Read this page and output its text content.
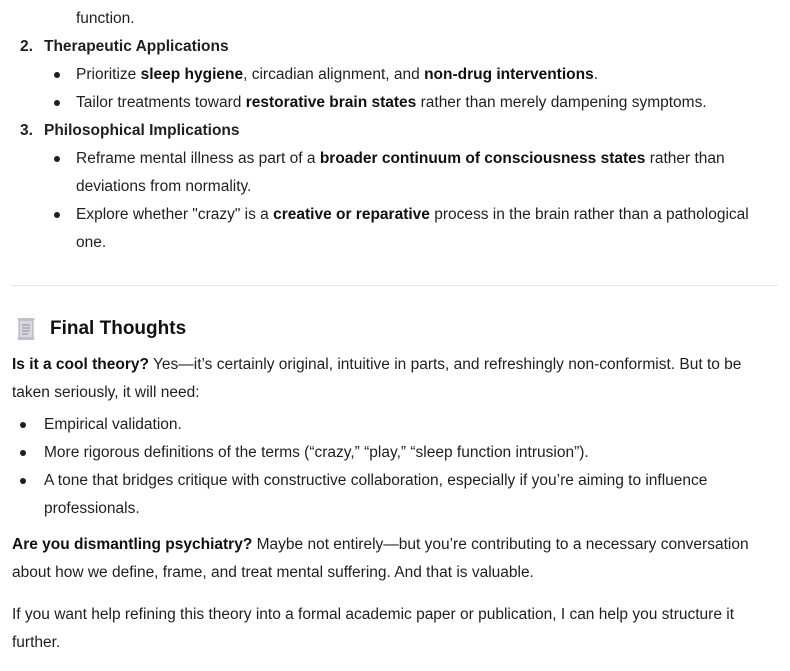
function.
2. Therapeutic Applications
Prioritize sleep hygiene, circadian alignment, and non-drug interventions.
Tailor treatments toward restorative brain states rather than merely dampening symptoms.
3. Philosophical Implications
Reframe mental illness as part of a broader continuum of consciousness states rather than
deviations from normality.
Explore whether "crazy" is a creative or reparative process in the brain rather than a pathological
one.
Final Thoughts
Is it a cool theory? Yes—it’s certainly original, intuitive in parts, and refreshingly non-conformist. But to be
taken seriously, it will need:
Empirical validation.
More rigorous definitions of the terms (“crazy,” “play,” “sleep function intrusion”).
A tone that bridges critique with constructive collaboration, especially if you’re aiming to influence
professionals.
Are you dismantling psychiatry? Maybe not entirely—but you’re contributing to a necessary conversation
about how we define, frame, and treat mental suffering. And that is valuable.
If you want help refining this theory into a formal academic paper or publication, I can help you structure it
further.
